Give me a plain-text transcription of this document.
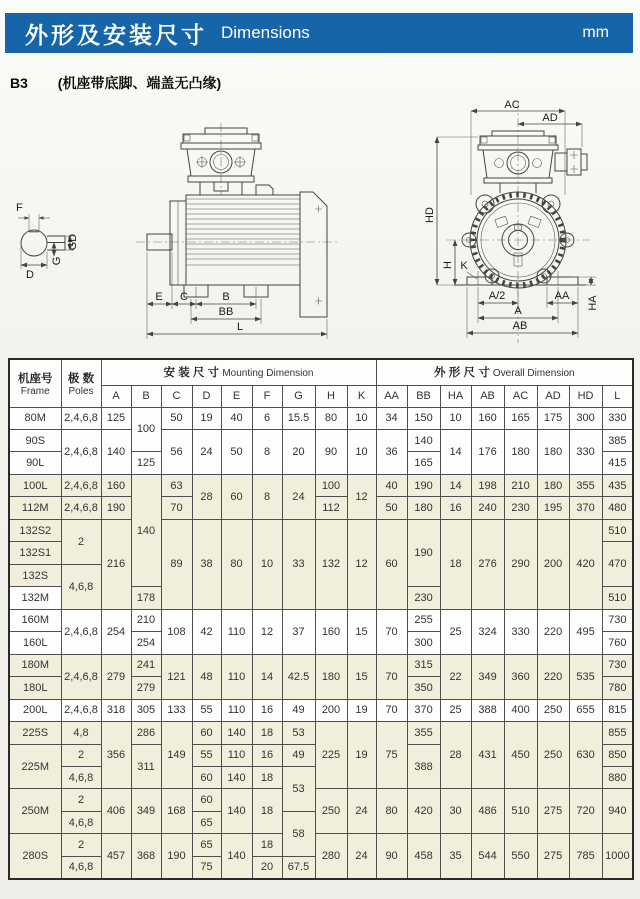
外形及安装尺寸 Dimensions	mm
B3 (机座带底脚、端盖无凸缘)
F
GD
G
D
E C	B
BB
L
AC
AD
HD
H K
A/2	AA
A
AB
HA
机座号
Frame

极 数
Poles
	安 装 尺 寸 Mounting Dimension	外 形 尺 寸 Overall Dimension
		A	B	C	D	E	F	G	H	K	AA	BB	HA	AB	AC	AD	HD	L
80M	2,4,6,8	125	100	50	19	40	6	15.5	80	10	34	150	10	160	165	175	300	330
90S	2,4,6,8	140		56	24	50	8	20	90	10	36	140	14	176	180	180	330	385
90L			125									165						415
100L	2,4,6,8	160	140	63	28	60	8	24	100	12	40	190	14	198	210	180	355	435
112M	2,4,6,8	190		70					112		50	180	16	240	230	195	370	480
132S2	2	216		89	38	80	10	33	132	12	60	190	18	276	290	200	420	510
132S1																		470
132S	4,6,8																	
132M			178									230						510
160M	2,4,6,8	254	210	108	42	110	12	37	160	15	70	255	25	324	330	220	495	730
160L			254									300						760
180M	2,4,6,8	279	241	121	48	110	14	42.5	180	15	70	315	22	349	360	220	535	730
180L			279									350						780
200L	2,4,6,8	318	305	133	55	110	16	49	200	19	70	370	25	388	400	250	655	815
225S	4,8	356	286	149	60	140	18	53	225	19	75	355	28	431	450	250	630	855
225M	2		311		55	110	16	49				388						850
	4,6,8				60	140	18	53										880
250M	2	406	349	168	60	140	18		250	24	80	420	30	486	510	275	720	940
	4,6,8				65			58										
280S	2	457	368	190	65	140	18		280	24	90	458	35	544	550	275	785	1000
	4,6,8				75		20	67.5										
